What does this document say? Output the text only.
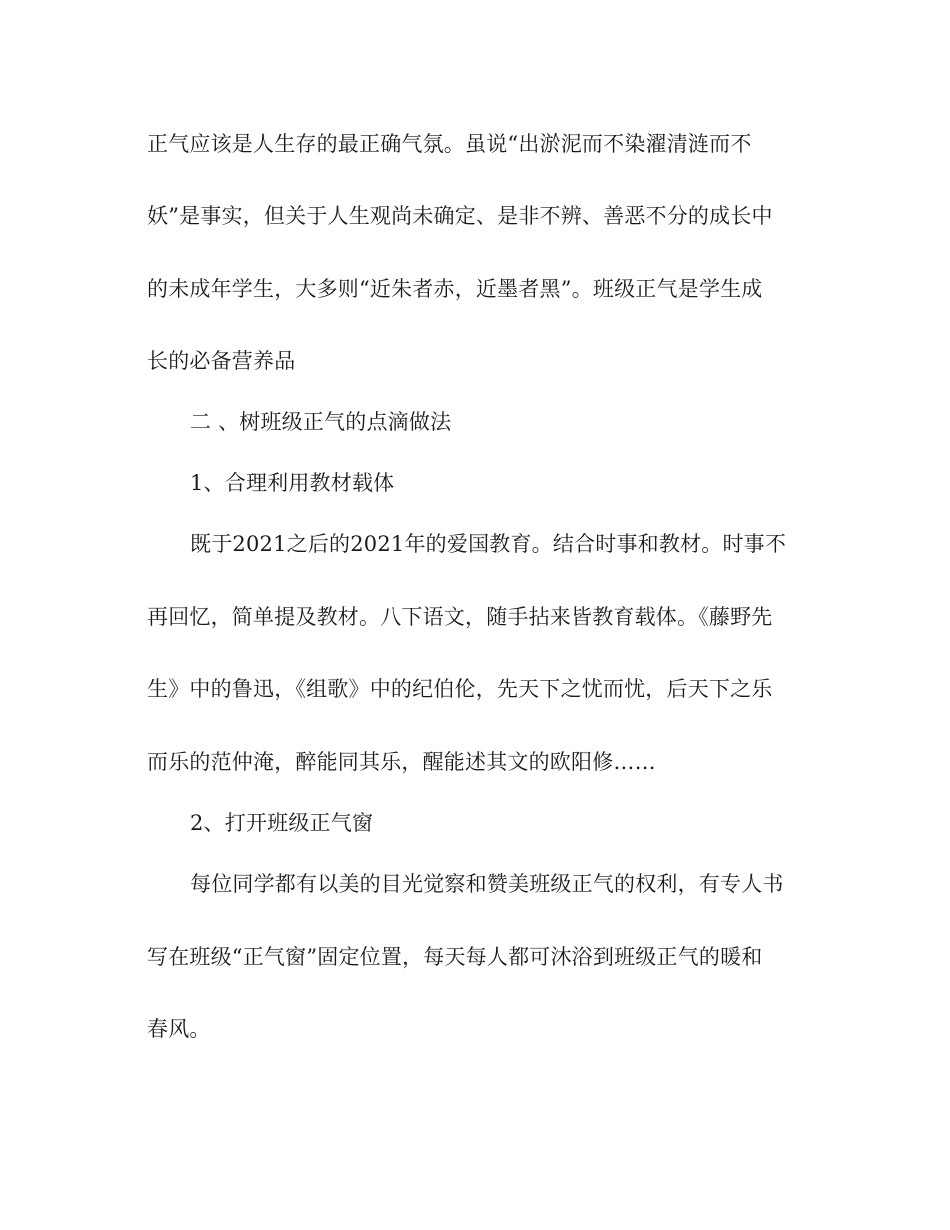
正气应该是人生存的最正确气氛。虽说“出淤泥而不染濯清涟而不
妖”是事实，但关于人生观尚未确定、是非不辨、善恶不分的成长中
的未成年学生，大多则“近朱者赤，近墨者黑”。班级正气是学生成
长的必备营养品
二 、树班级正气的点滴做法
1、合理利用教材载体
既于2021之后的2021年的爱国教育。结合时事和教材。时事不
再回忆，简单提及教材。八下语文，随手拈来皆教育载体。《藤野先
生》中的鲁迅，《组歌》中的纪伯伦，先天下之忧而忧，后天下之乐
而乐的范仲淹，醉能同其乐，醒能述其文的欧阳修……
2、打开班级正气窗
每位同学都有以美的目光觉察和赞美班级正气的权利，有专人书
写在班级“正气窗”固定位置，每天每人都可沐浴到班级正气的暖和
春风。
